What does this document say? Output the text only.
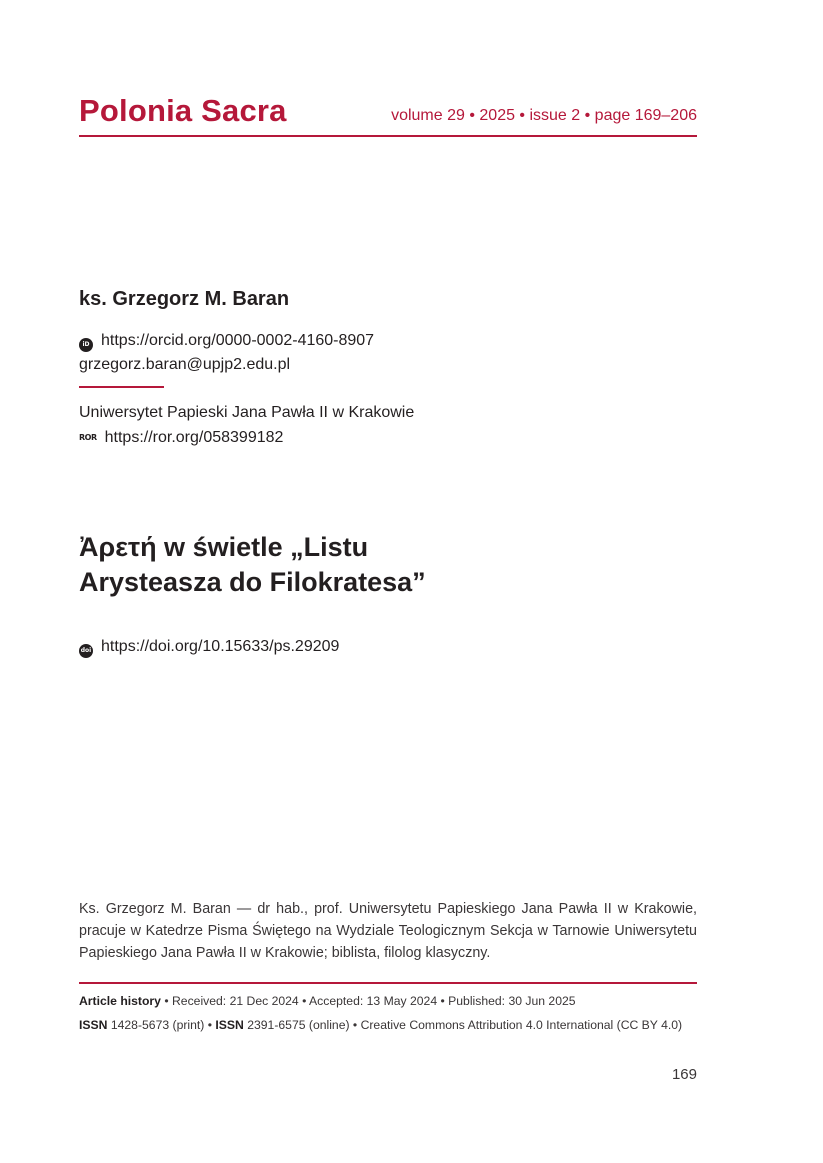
Polonia Sacra	volume 29 • 2025 • issue 2 • page 169–206
ks. Grzegorz M. Baran
iD https://orcid.org/0000-0002-4160-8907
grzegorz.baran@upjp2.edu.pl
Uniwersytet Papieski Jana Pawła II w Krakowie
ROR https://ror.org/058399182
Ἀρετή w świetle „Listu
Arysteasza do Filokratesa”
doi https://doi.org/10.15633/ps.29209
Ks. Grzegorz M. Baran — dr hab., prof. Uniwersytetu Papieskiego Jana Pawła II w Krakowie, pracuje w Katedrze Pisma Świętego na Wydziale Teologicznym Sekcja w Tarnowie Uniwersytetu Papieskiego Jana Pawła II w Krakowie; biblista, filolog klasyczny.
Article history • Received: 21 Dec 2024 • Accepted: 13 May 2024 • Published: 30 Jun 2025
ISSN 1428-5673 (print) • ISSN 2391-6575 (online) • Creative Commons Attribution 4.0 International (CC BY 4.0)
169
